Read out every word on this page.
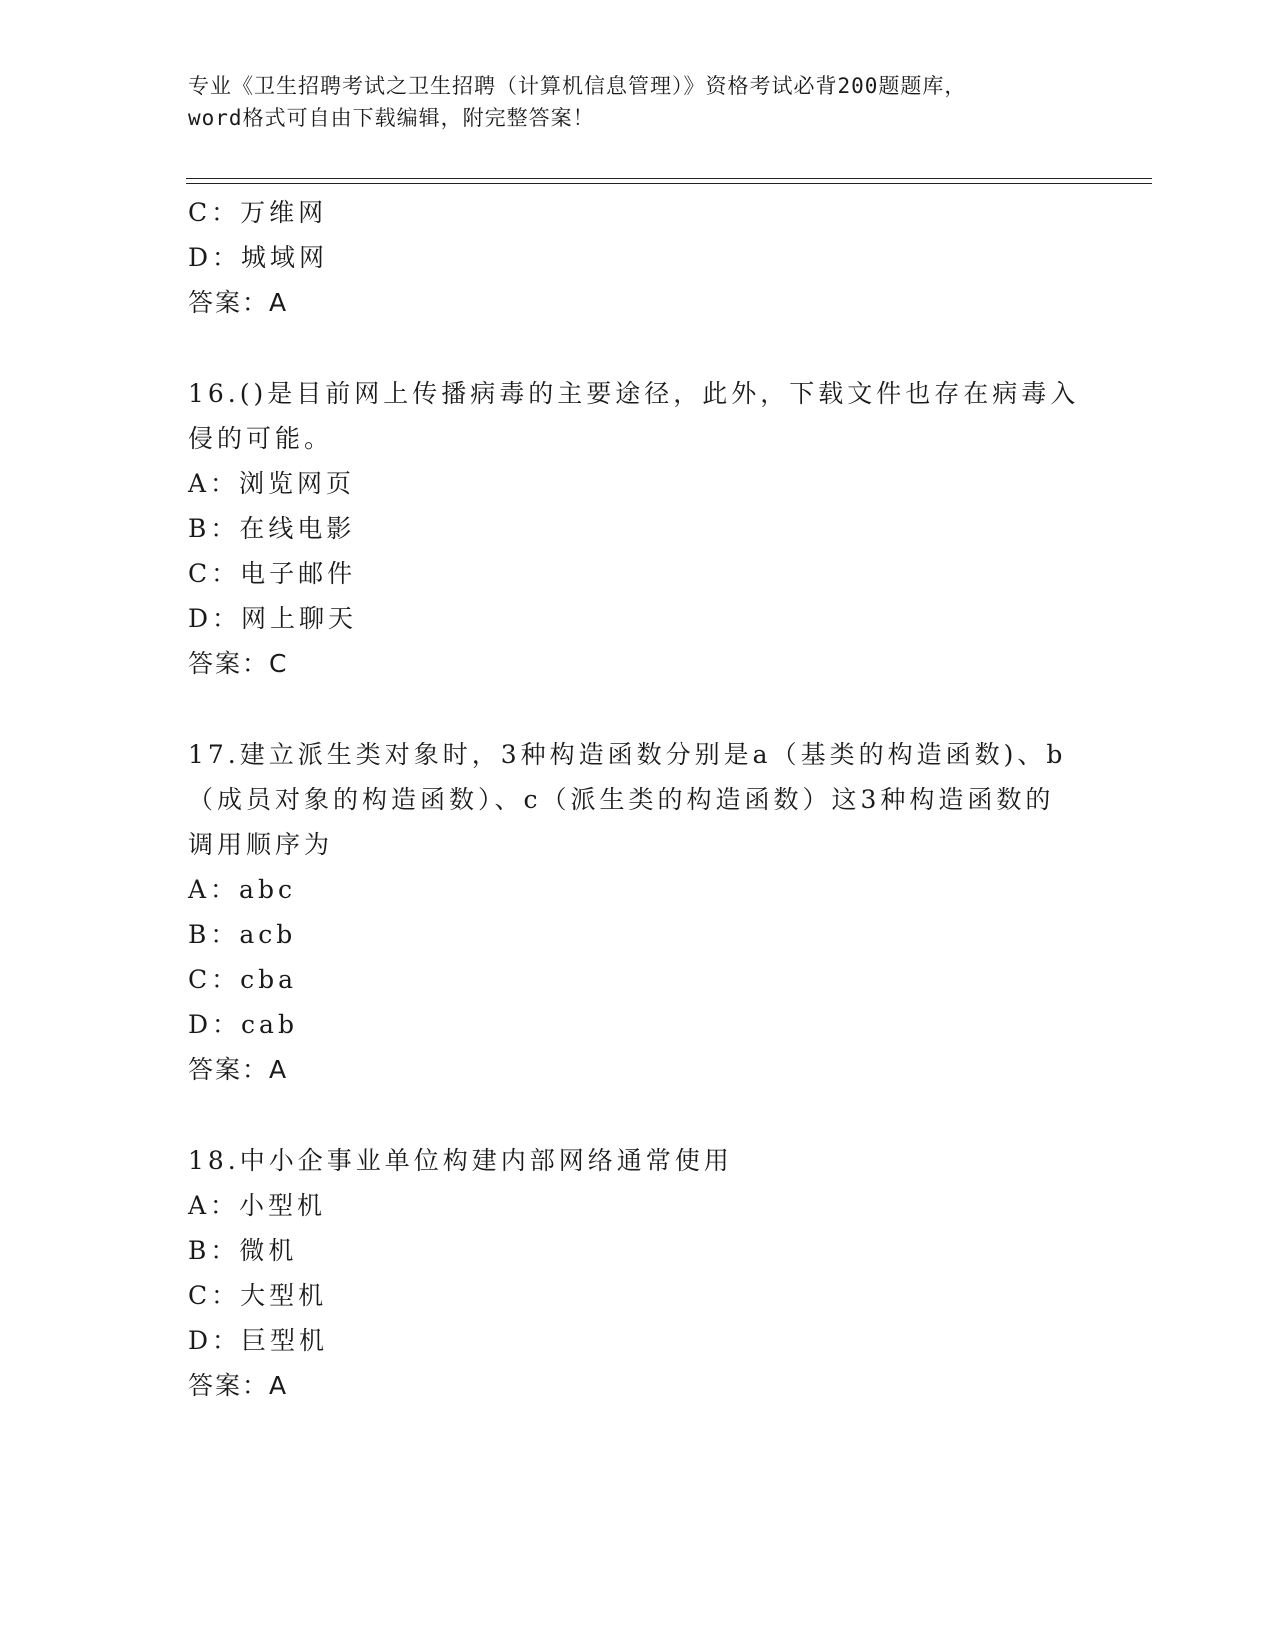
专业《卫生招聘考试之卫生招聘（计算机信息管理）》资格考试必背200题题库，
word格式可自由下载编辑，附完整答案！
C：万维网
D：城域网
答案：A
16.()是目前网上传播病毒的主要途径，此外，下载文件也存在病毒入
侵的可能。
A：浏览网页
B：在线电影
C：电子邮件
D：网上聊天
答案：C
17.建立派生类对象时，3种构造函数分别是a（基类的构造函数)、b
（成员对象的构造函数）、c（派生类的构造函数）这3种构造函数的
调用顺序为
A：abc
B：acb
C：cba
D：cab
答案：A
18.中小企事业单位构建内部网络通常使用
A：小型机
B：微机
C：大型机
D：巨型机
答案：A
